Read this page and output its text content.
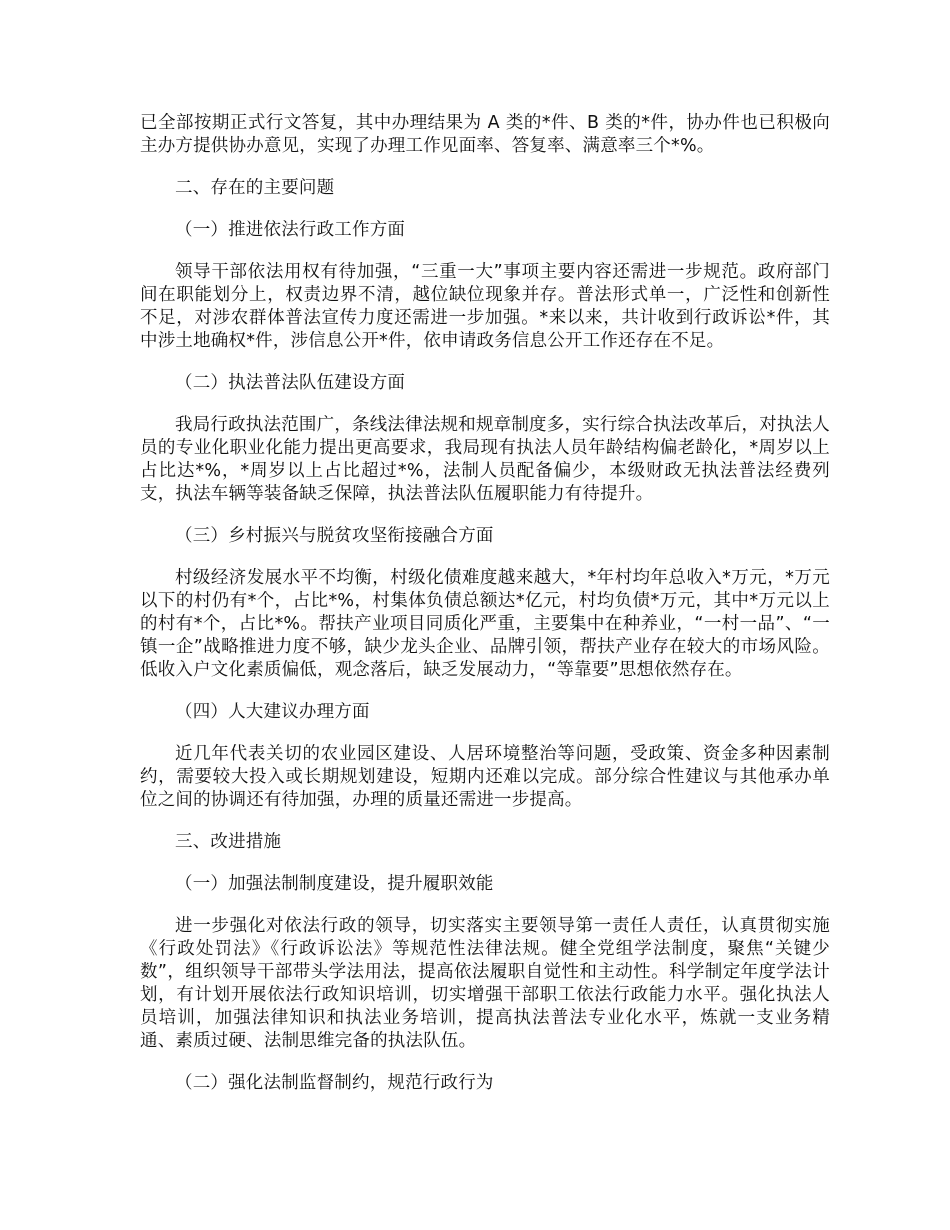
已全部按期正式行文答复，其中办理结果为 A 类的*件、B 类的*件，协办件也已积极向主办方提供协办意见，实现了办理工作见面率、答复率、满意率三个*%。

二、存在的主要问题

（一）推进依法行政工作方面

领导干部依法用权有待加强，“三重一大”事项主要内容还需进一步规范。政府部门间在职能划分上，权责边界不清，越位缺位现象并存。普法形式单一，广泛性和创新性不足，对涉农群体普法宣传力度还需进一步加强。*来以来，共计收到行政诉讼*件，其中涉土地确权*件，涉信息公开*件，依申请政务信息公开工作还存在不足。

（二）执法普法队伍建设方面

我局行政执法范围广，条线法律法规和规章制度多，实行综合执法改革后，对执法人员的专业化职业化能力提出更高要求，我局现有执法人员年龄结构偏老龄化，*周岁以上占比达*%，*周岁以上占比超过*%，法制人员配备偏少，本级财政无执法普法经费列支，执法车辆等装备缺乏保障，执法普法队伍履职能力有待提升。

（三）乡村振兴与脱贫攻坚衔接融合方面

村级经济发展水平不均衡，村级化债难度越来越大，*年村均年总收入*万元，*万元以下的村仍有*个，占比*%，村集体负债总额达*亿元，村均负债*万元，其中*万元以上的村有*个，占比*%。帮扶产业项目同质化严重，主要集中在种养业，“一村一品”、“一镇一企”战略推进力度不够，缺少龙头企业、品牌引领，帮扶产业存在较大的市场风险。低收入户文化素质偏低，观念落后，缺乏发展动力，“等靠要”思想依然存在。

（四）人大建议办理方面

近几年代表关切的农业园区建设、人居环境整治等问题，受政策、资金多种因素制约，需要较大投入或长期规划建设，短期内还难以完成。部分综合性建议与其他承办单位之间的协调还有待加强，办理的质量还需进一步提高。

三、改进措施

（一）加强法制制度建设，提升履职效能

进一步强化对依法行政的领导，切实落实主要领导第一责任人责任，认真贯彻实施《行政处罚法》《行政诉讼法》等规范性法律法规。健全党组学法制度，聚焦“关键少数”，组织领导干部带头学法用法，提高依法履职自觉性和主动性。科学制定年度学法计划，有计划开展依法行政知识培训，切实增强干部职工依法行政能力水平。强化执法人员培训，加强法律知识和执法业务培训，提高执法普法专业化水平，炼就一支业务精通、素质过硬、法制思维完备的执法队伍。

（二）强化法制监督制约，规范行政行为
